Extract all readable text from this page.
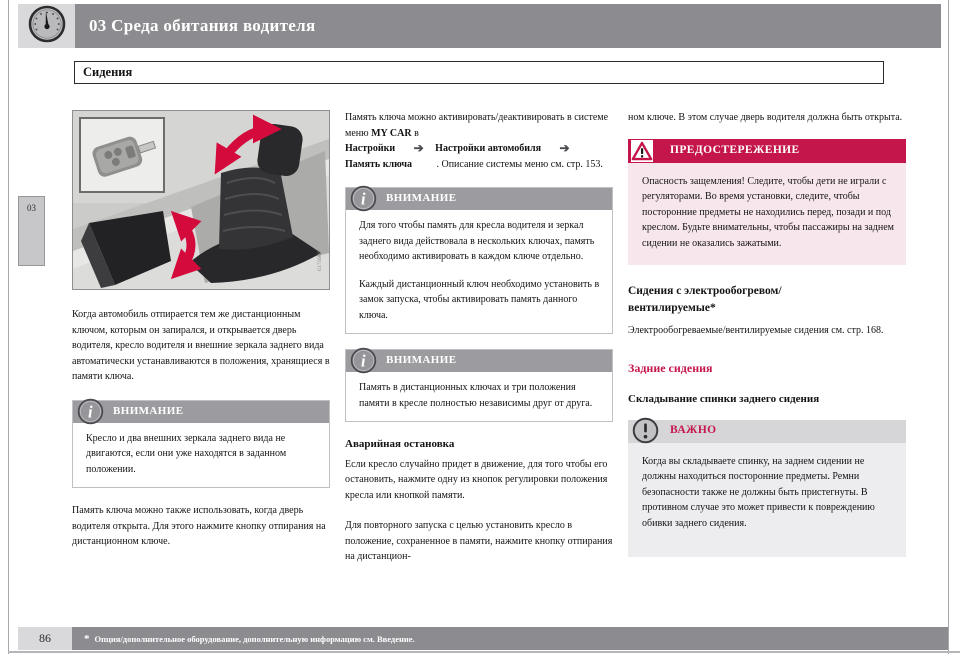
03 Среда обитания водителя
Сидения
03
G1716887

Когда автомобиль отпирается тем же дистанционным ключом, которым он запирался, и открывается дверь водителя, кресло водителя и внешние зеркала заднего вида автоматически устанавливаются в положения, хранящиеся в памяти ключа.

i ВНИМАНИЕ

Кресло и два внешних зеркала заднего вида не двигаются, если они уже находятся в заданном положении.

Память ключа можно также использовать, когда дверь водителя открыта. Для этого нажмите кнопку отпирания на дистанционном ключе.

Память ключа можно активировать/деактивировать в системе меню MY CAR в
Настройки ➔ Настройки автомобиля ➔
Память ключа . Описание системы меню см. стр. 153.

i ВНИМАНИЕ

Для того чтобы память для кресла водителя и зеркал заднего вида действовала в нескольких ключах, память необходимо активировать в каждом ключе отдельно.

Каждый дистанционный ключ необходимо установить в замок запуска, чтобы активировать память данного ключа.

i ВНИМАНИЕ

Память в дистанционных ключах и три положения памяти в кресле полностью независимы друг от друга.

Аварийная остановка

Если кресло случайно придет в движение, для того чтобы его остановить, нажмите одну из кнопок регулировки положения кресла или кнопкой памяти.

Для повторного запуска с целью установить кресло в положение, сохраненное в памяти, нажмите кнопку отпирания на дистанцион-

ном ключе. В этом случае дверь водителя должна быть открыта.

ПРЕДОСТЕРЕЖЕНИЕ

Опасность защемления! Следите, чтобы дети не играли с регуляторами. Во время установки, следите, чтобы посторонние предметы не находились перед, позади и под креслом. Будьте внимательны, чтобы пассажиры на заднем сидении не оказались зажатыми.

Сидения с электрообогревом/
вентилируемые*

Электрообогреваемые/вентилируемые сидения см. стр. 168.

Задние сидения
Складывание спинки заднего сидения
ВАЖНО

Когда вы складываете спинку, на заднем сидении не должны находиться посторонние предметы. Ремни безопасности также не должны быть пристегнуты. В противном случае это может привести к повреждению обивки заднего сидения.

86	* Опция/дополнительное оборудование, дополнительную информацию см. Введение.
